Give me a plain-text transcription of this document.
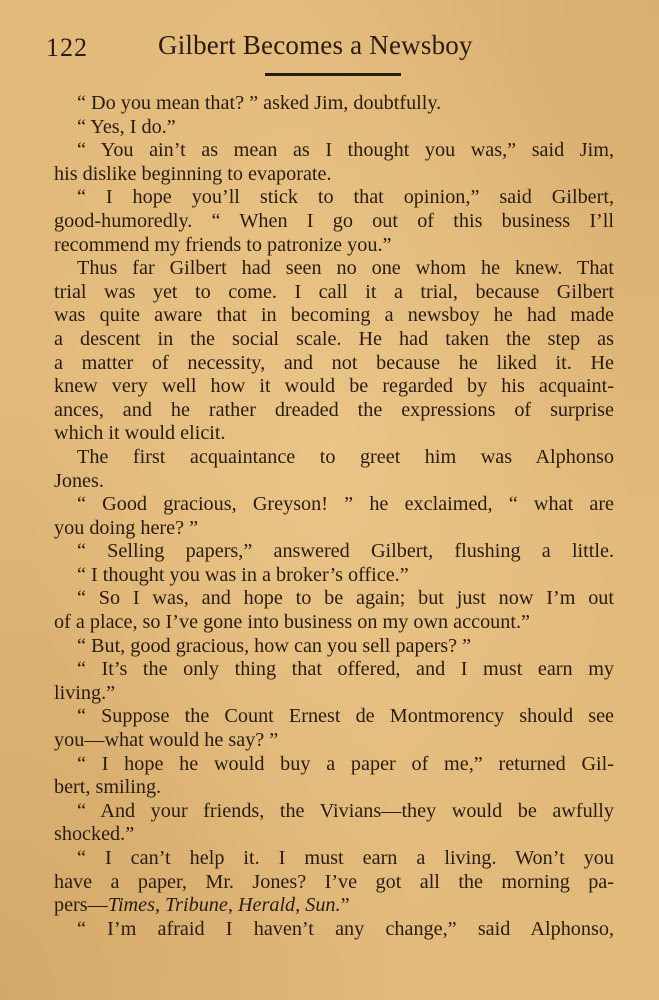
122	Gilbert Becomes a Newsboy
“ Do you mean that? ” asked Jim, doubtfully.
“ Yes, I do.”
“ You ain’t as mean as I thought you was,” said Jim,
his dislike beginning to evaporate.
“ I hope you’ll stick to that opinion,” said Gilbert,
good-humoredly. “ When I go out of this business I’ll
recommend my friends to patronize you.”
Thus far Gilbert had seen no one whom he knew. That
trial was yet to come. I call it a trial, because Gilbert
was quite aware that in becoming a newsboy he had made
a descent in the social scale. He had taken the step as
a matter of necessity, and not because he liked it. He
knew very well how it would be regarded by his acquaint-
ances, and he rather dreaded the expressions of surprise
which it would elicit.
The first acquaintance to greet him was Alphonso
Jones.
“ Good gracious, Greyson! ” he exclaimed, “ what are
you doing here? ”
“ Selling papers,” answered Gilbert, flushing a little.
“ I thought you was in a broker’s office.”
“ So I was, and hope to be again; but just now I’m out
of a place, so I’ve gone into business on my own account.”
“ But, good gracious, how can you sell papers? ”
“ It’s the only thing that offered, and I must earn my
living.”
“ Suppose the Count Ernest de Montmorency should see
you—what would he say? ”
“ I hope he would buy a paper of me,” returned Gil-
bert, smiling.
“ And your friends, the Vivians—they would be awfully
shocked.”
“ I can’t help it. I must earn a living. Won’t you
have a paper, Mr. Jones? I’ve got all the morning pa-
pers—Times, Tribune, Herald, Sun.”
“ I’m afraid I haven’t any change,” said Alphonso,
